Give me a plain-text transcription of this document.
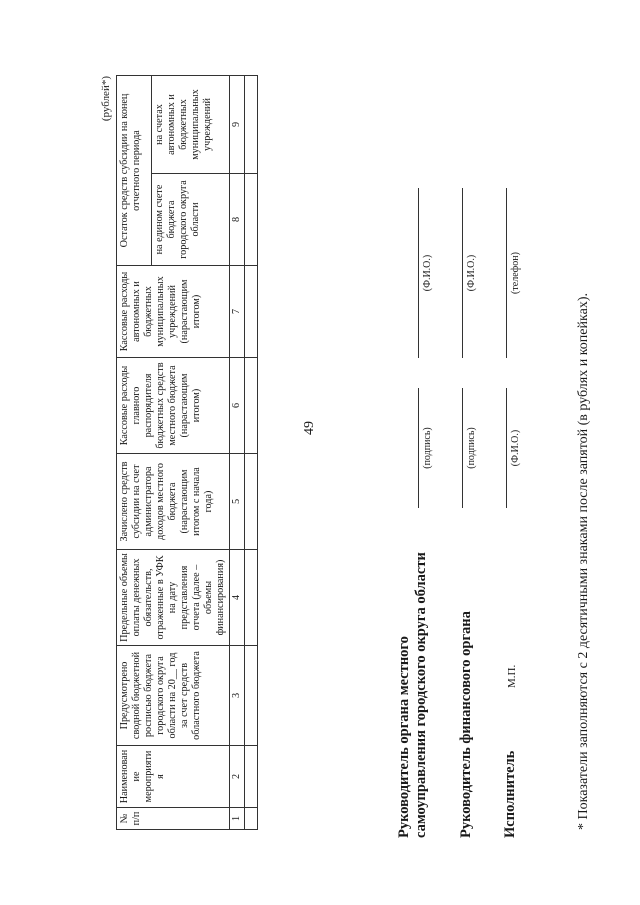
49
(рублей*)
№ п/п	Наименование мероприятия	Предусмотрено сводной бюджетной росписью бюджета городского округа области на 20__ год за счет средств областного бюджета	Предельные объемы оплаты денежных обязательств, отраженные в УФК на дату представления отчета (далее – объемы финансирования)	Зачислено средств субсидии на счет администратора доходов местного бюджета (нарастающим итогом с начала года)	Кассовые расходы главного распорядителя бюджетных средств местного бюджета (нарастающим итогом)	Кассовые расходы автономных и бюджетных муниципальных учреждений (нарастающим итогом)	Остаток средств субсидии на конец отчетного периода	
							на едином счете бюджета городского округа области	на счетах автономных и бюджетных муниципальных учреждений
1	2	3	4	5	6	7	8	9

Руководитель органа местного самоуправления городского округа области
(подпись)
(Ф.И.О.)
Руководитель финансового органа
(подпись)
(Ф.И.О.)
Исполнитель
М.П.
(Ф.И.О.)
(телефон)
* Показатели заполняются с 2 десятичными знаками после запятой (в рублях и копейках).
